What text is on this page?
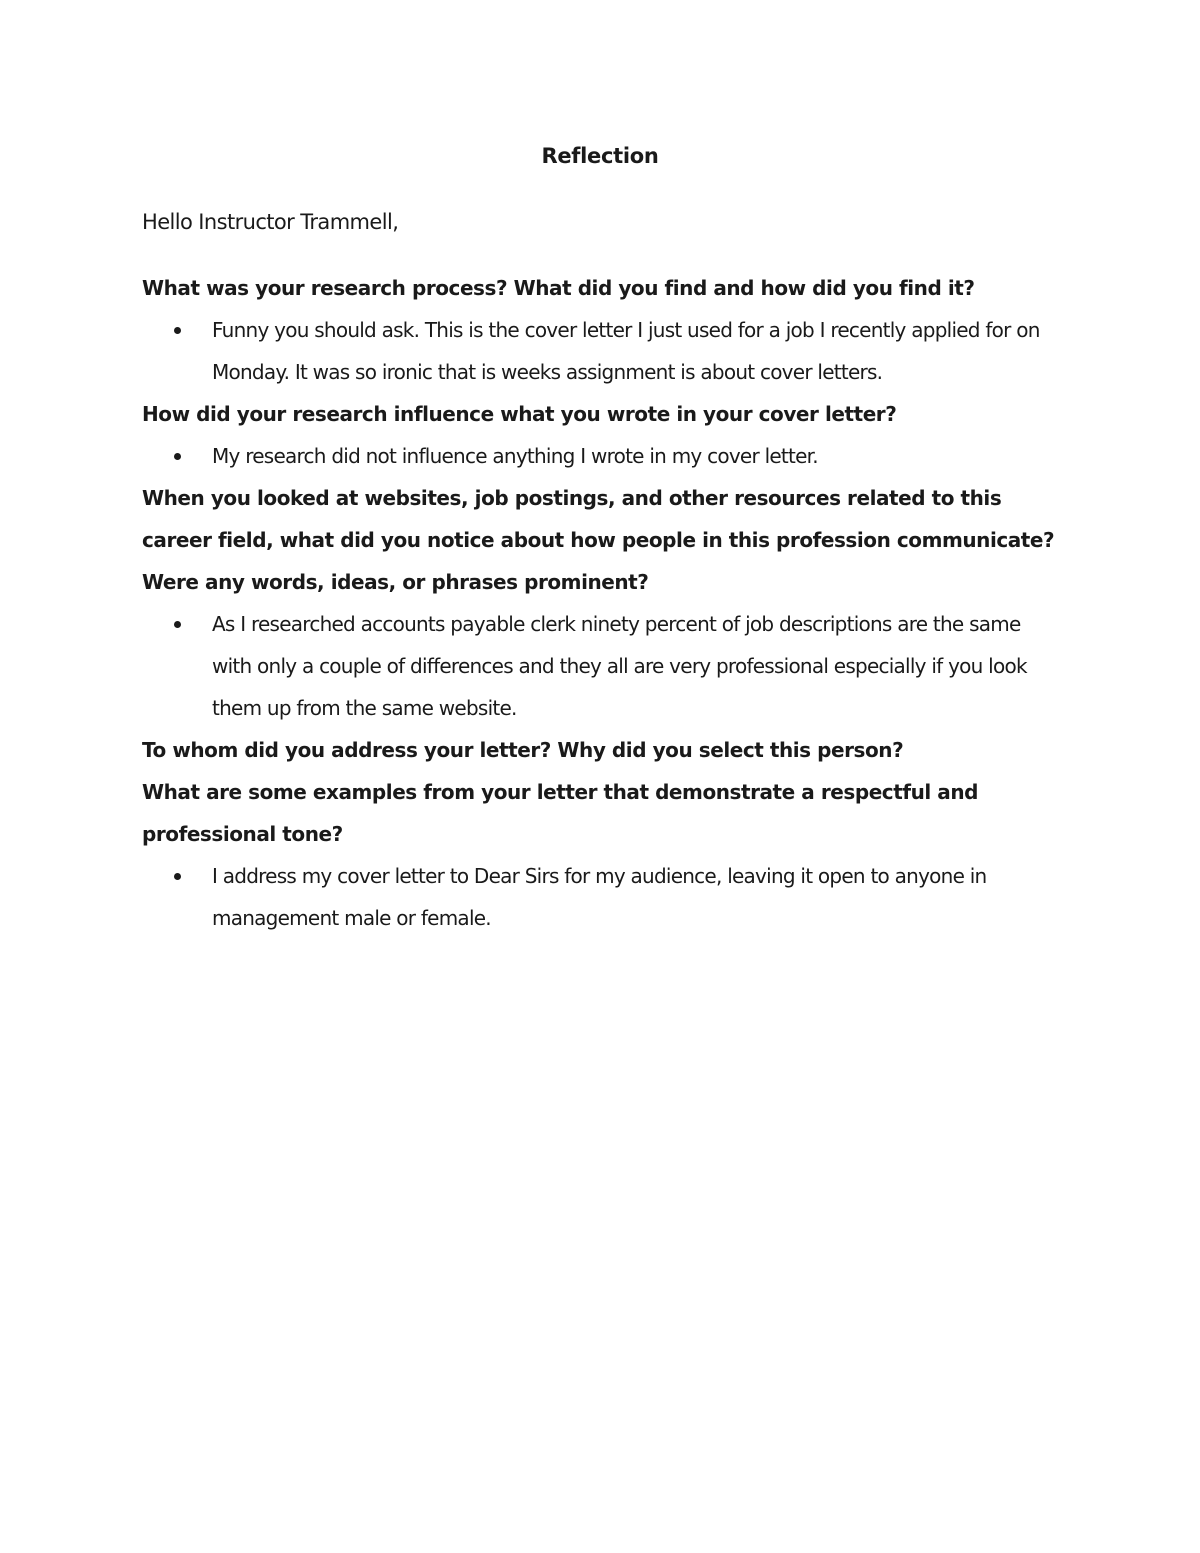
Reflection
Hello Instructor Trammell,

What was your research process? What did you find and how did you find it?

Funny you should ask. This is the cover letter I just used for a job I recently applied for on Monday. It was so ironic that is weeks assignment is about cover letters.

How did your research influence what you wrote in your cover letter?

My research did not influence anything I wrote in my cover letter.

When you looked at websites, job postings, and other resources related to this career field, what did you notice about how people in this profession communicate? Were any words, ideas, or phrases prominent?

As I researched accounts payable clerk ninety percent of job descriptions are the same with only a couple of differences and they all are very professional especially if you look them up from the same website.

To whom did you address your letter? Why did you select this person?

What are some examples from your letter that demonstrate a respectful and professional tone?

I address my cover letter to Dear Sirs for my audience, leaving it open to anyone in management male or female.
